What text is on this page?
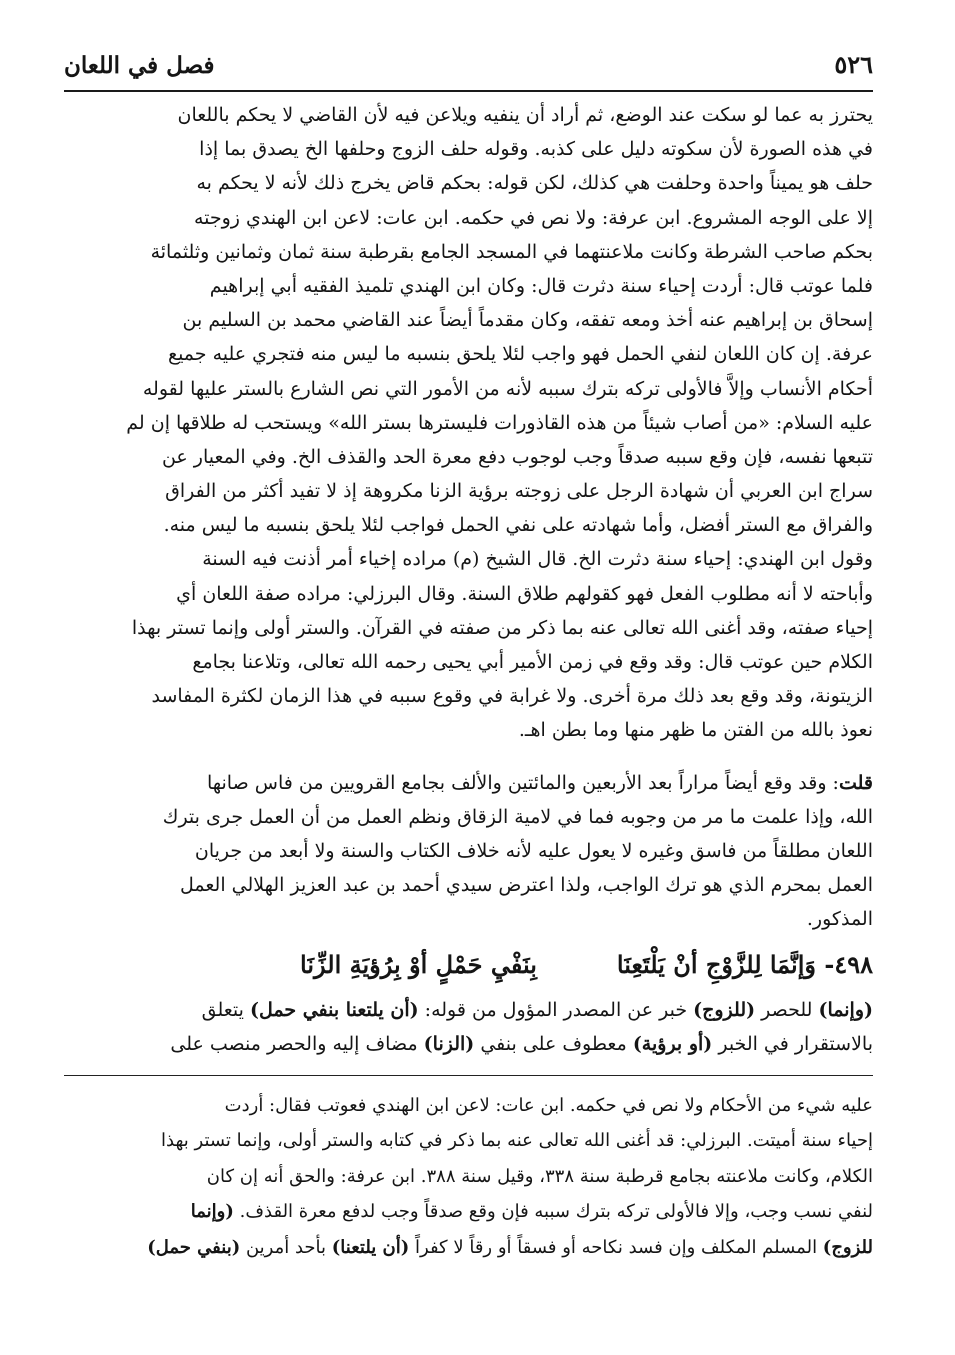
٥٢٦
فصل في اللعان
يحترز به عما لو سكت عند الوضع، ثم أراد أن ينفيه ويلاعن فيه لأن القاضي لا يحكم باللعان
في هذه الصورة لأن سكوته دليل على كذبه. وقوله حلف الزوج وحلفها الخ يصدق بما إذا
حلف هو يميناً واحدة وحلفت هي كذلك، لكن قوله: بحكم قاض يخرج ذلك لأنه لا يحكم به
إلا على الوجه المشروع. ابن عرفة: ولا نص في حكمه. ابن عات: لاعن ابن الهندي زوجته
بحكم صاحب الشرطة وكانت ملاعنتهما في المسجد الجامع بقرطبة سنة ثمان وثمانين وثلثمائة
فلما عوتب قال: أردت إحياء سنة دثرت قال: وكان ابن الهندي تلميذ الفقيه أبي إبراهيم
إسحاق بن إبراهيم عنه أخذ ومعه تفقه، وكان مقدماً أيضاً عند القاضي محمد بن السليم بن
عرفة. إن كان اللعان لنفي الحمل فهو واجب لئلا يلحق بنسبه ما ليس منه فتجري عليه جميع
أحكام الأنساب وإلاَّ فالأولى تركه بترك سببه لأنه من الأمور التي نص الشارع بالستر عليها لقوله
عليه السلام: «من أصاب شيئاً من هذه القاذورات فليسترها بستر الله» ويستحب له طلاقها إن لم
تتبعها نفسه، فإن وقع سببه صدقاً وجب لوجوب دفع معرة الحد والقذف الخ. وفي المعيار عن
سراج ابن العربي أن شهادة الرجل على زوجته برؤية الزنا مكروهة إذ لا تفيد أكثر من الفراق
والفراق مع الستر أفضل، وأما شهادته على نفي الحمل فواجب لئلا يلحق بنسبه ما ليس منه.
وقول ابن الهندي: إحياء سنة دثرت الخ. قال الشيخ (م) مراده إخياء أمر أذنت فيه السنة
وأباحته لا أنه مطلوب الفعل فهو كقولهم طلاق السنة. وقال البرزلي: مراده صفة اللعان أي
إحياء صفته، وقد أغنى الله تعالى عنه بما ذكر من صفته في القرآن. والستر أولى وإنما تستر بهذا
الكلام حين عوتب قال: وقد وقع في زمن الأمير أبي يحيى رحمه الله تعالى، وتلاعنا بجامع
الزيتونة، وقد وقع بعد ذلك مرة أخرى. ولا غرابة في وقوع سببه في هذا الزمان لكثرة المفاسد
نعوذ بالله من الفتن ما ظهر منها وما بطن اهـ.
قلت: وقد وقع أيضاً مراراً بعد الأربعين والمائتين والألف بجامع القرويين من فاس صانها
الله، وإذا علمت ما مر من وجوبه فما في لامية الزقاق ونظم العمل من أن العمل جرى بترك
اللعان مطلقاً من فاسق وغيره لا يعول عليه لأنه خلاف الكتاب والسنة ولا أبعد من جريان
العمل بمحرم الذي هو ترك الواجب، ولذا اعترض سيدي أحمد بن عبد العزيز الهلالي العمل
المذكور.
٤٩٨- وَإنَّمَا لِلزَّوْجِ أنْ يَلْتَعِنَابِنَفْيِ حَمْلٍ أوْ بِرُؤيَةِ الزِّنَا
(وإنما) للحصر (للزوج) خبر عن المصدر المؤول من قوله: (أن يلتعنا بنفي حمل) يتعلق
بالاستقرار في الخبر (أو برؤية) معطوف على بنفي (الزنا) مضاف إليه والحصر منصب على
عليه شيء من الأحكام ولا نص في حكمه. ابن عات: لاعن ابن الهندي فعوتب فقال: أردت
إحياء سنة أميتت. البرزلي: قد أغنى الله تعالى عنه بما ذكر في كتابه والستر أولى، وإنما تستر بهذا
الكلام، وكانت ملاعنته بجامع قرطبة سنة ٣٣٨، وقيل سنة ٣٨٨. ابن عرفة: والحق أنه إن كان
لنفي نسب وجب، وإلا فالأولى تركه بترك سببه فإن وقع صدقاً وجب لدفع معرة القذف. (وإنما
للزوج) المسلم المكلف وإن فسد نكاحه أو فسقاً أو رقاً لا كفراً (أن يلتعنا) بأحد أمرين (بنفي حمل)
